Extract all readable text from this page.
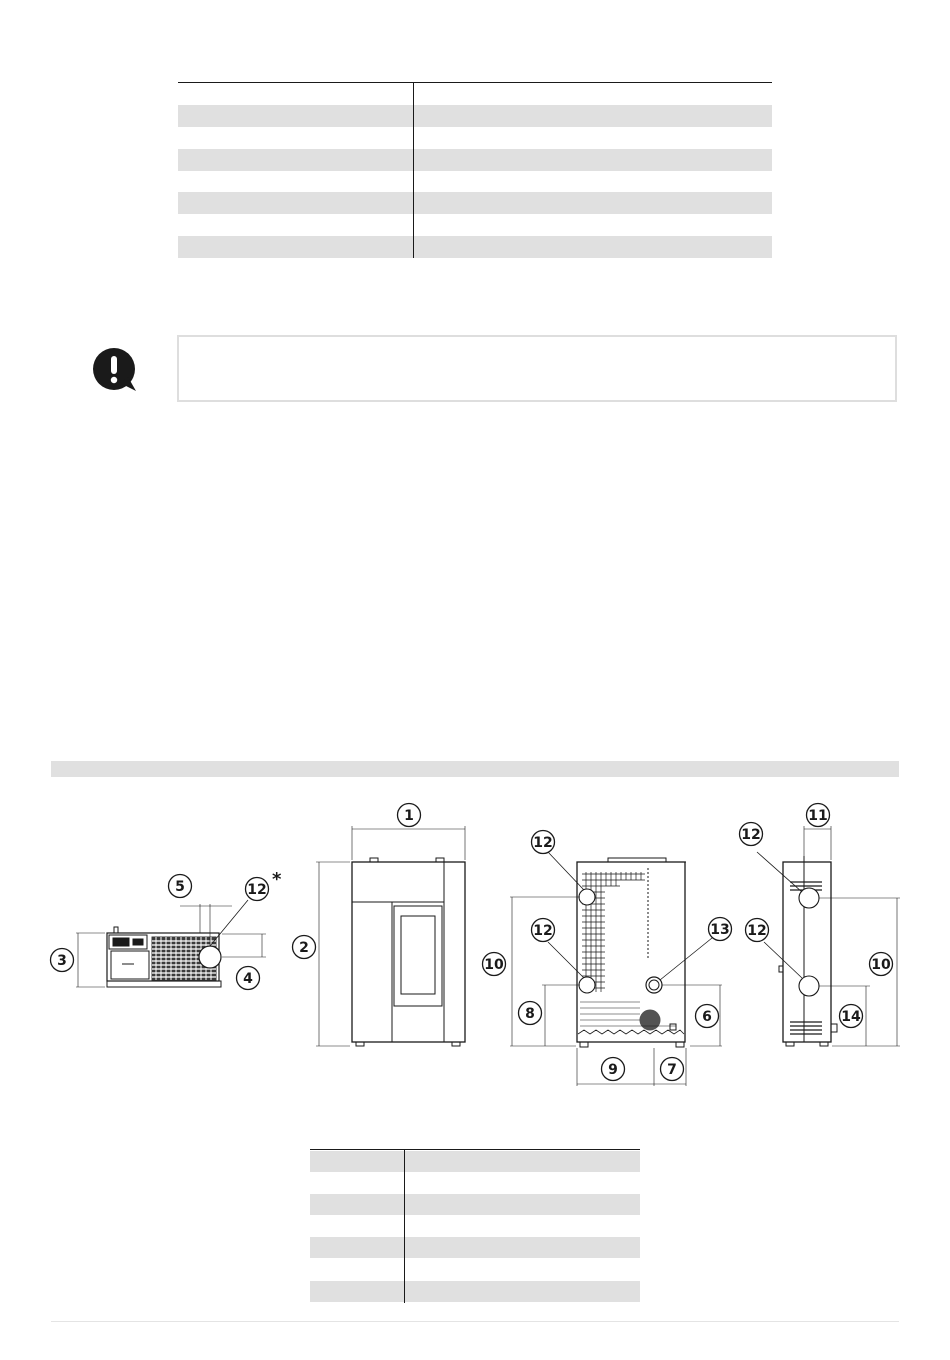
1
2
3
4
5
6
7
8
9
10	10
11
12
12
12
12
12
13
14
*
